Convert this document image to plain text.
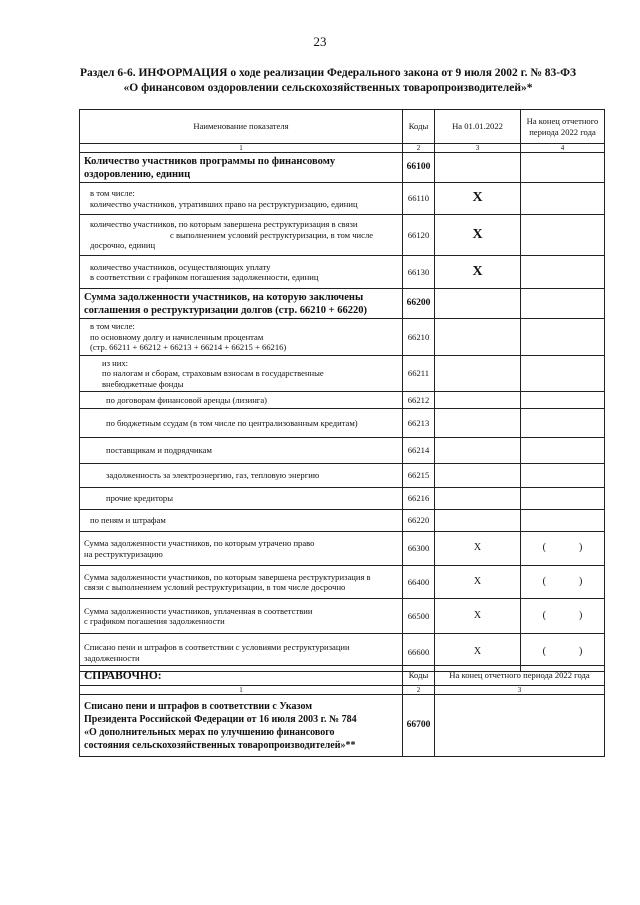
23
Раздел 6-6. ИНФОРМАЦИЯ о ходе реализации Федерального закона от 9 июля 2002 г. № 83-ФЗ
«О финансовом оздоровлении сельскохозяйственных товаропроизводителей»*
Наименование показателя	Коды	На 01.01.2022	На конец отчетного периода 2022 года
1	2	3	4

Количество участников программы по финансовому
оздоровлению, единиц	66100		

в том числе:
количество участников, утративших право на реструктуризацию, единиц	66110	X	

количество участников, по которым завершена реструктуризация в связи
с выполнением условий реструктуризации, в том числе
досрочно, единиц	66120	X	

количество участников, осуществляющих уплату
в соответствии с графиком погашения задолженности, единиц	66130	X	

Сумма задолженности участников, на которую заключены
соглашения о реструктуризации долгов (стр. 66210 + 66220)	66200		

в том числе:
по основному долгу и начисленным процентам
(стр. 66211 + 66212 + 66213 + 66214 + 66215 + 66216)	66210		

из них:
по налогам и сборам, страховым взносам в государственные
внебюджетные фонды	66211		
по договорам финансовой аренды (лизинга)	66212		
по бюджетным ссудам (в том числе по централизованным кредитам)	66213		
поставщикам и подрядчикам	66214		
задолженность за электроэнергию, газ, тепловую энергию	66215		
прочие кредиторы	66216		
по пеням и штрафам	66220		

Сумма задолженности участников, по которым утрачено право
на реструктуризацию	66300	X	( )

Сумма задолженности участников, по которым завершена реструктуризация в
связи с выполнением условий реструктуризации, в том числе досрочно	66400	X	( )

Сумма задолженности участников, уплаченная в соответствии
с графиком погашения задолженности	66500	X	( )

Списано пени и штрафов в соответствии с условиями реструктуризации
задолженности	66600	X	( )
СПРАВОЧНО:	Коды	На конец отчетного периода 2022 года
1	2	3

Списано пени и штрафов в соответствии с Указом
Президента Российской Федерации от 16 июля 2003 г. № 784
«О дополнительных мерах по улучшению финансового
состояния сельскохозяйственных товаропроизводителей»**	66700	
